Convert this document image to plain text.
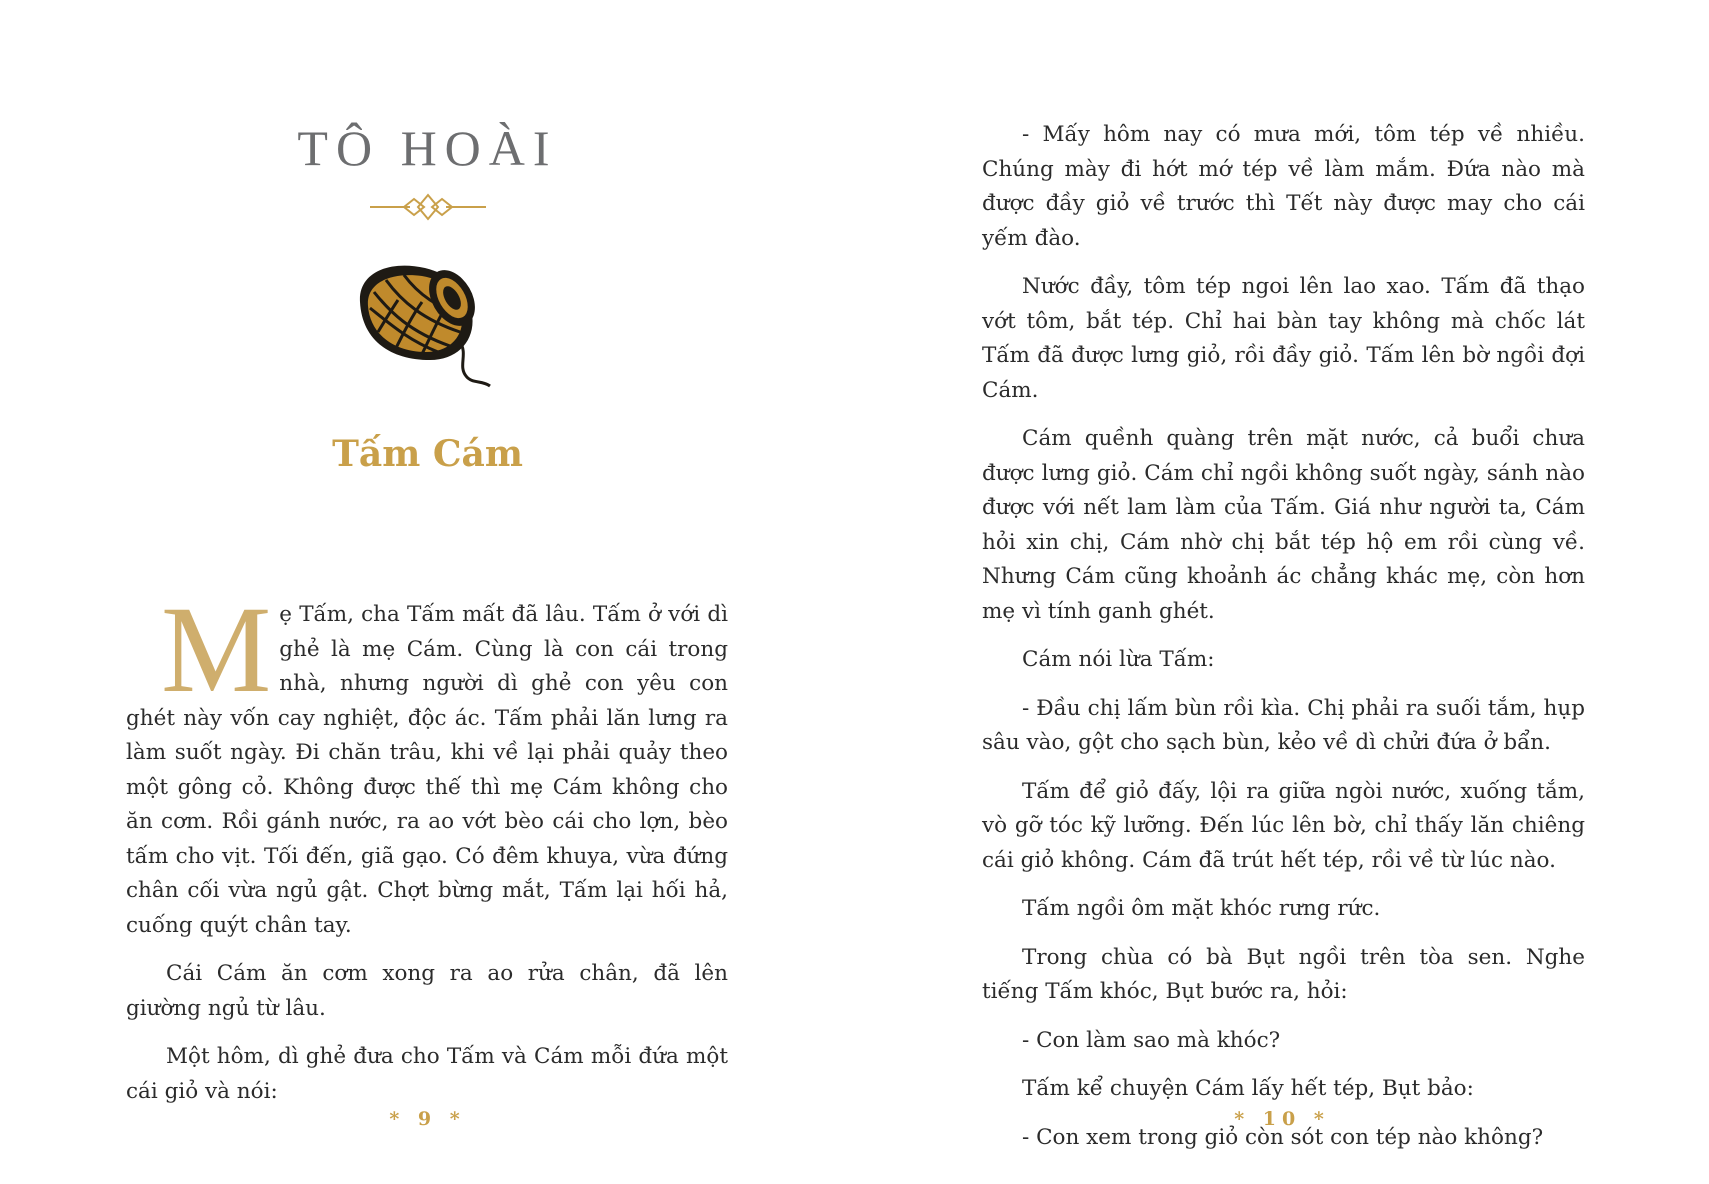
TÔ HOÀI
Tấm Cám

Mẹ Tấm, cha Tấm mất đã lâu. Tấm ở với dì ghẻ là mẹ Cám. Cùng là con cái trong nhà, nhưng người dì ghẻ con yêu con ghét này vốn cay nghiệt, độc ác. Tấm phải lăn lưng ra làm suốt ngày. Đi chăn trâu, khi về lại phải quảy theo một gông cỏ. Không được thế thì mẹ Cám không cho ăn cơm. Rồi gánh nước, ra ao vớt bèo cái cho lợn, bèo tấm cho vịt. Tối đến, giã gạo. Có đêm khuya, vừa đứng chân cối vừa ngủ gật. Chợt bừng mắt, Tấm lại hối hả, cuống quýt chân tay.

Cái Cám ăn cơm xong ra ao rửa chân, đã lên giường ngủ từ lâu.

Một hôm, dì ghẻ đưa cho Tấm và Cám mỗi đứa một cái giỏ và nói:

* 9 *

- Mấy hôm nay có mưa mới, tôm tép về nhiều. Chúng mày đi hớt mớ tép về làm mắm. Đứa nào mà được đầy giỏ về trước thì Tết này được may cho cái yếm đào.

Nước đầy, tôm tép ngoi lên lao xao. Tấm đã thạo vớt tôm, bắt tép. Chỉ hai bàn tay không mà chốc lát Tấm đã được lưng giỏ, rồi đầy giỏ. Tấm lên bờ ngồi đợi Cám.

Cám quềnh quàng trên mặt nước, cả buổi chưa được lưng giỏ. Cám chỉ ngồi không suốt ngày, sánh nào được với nết lam làm của Tấm. Giá như người ta, Cám hỏi xin chị, Cám nhờ chị bắt tép hộ em rồi cùng về. Nhưng Cám cũng khoảnh ác chẳng khác mẹ, còn hơn mẹ vì tính ganh ghét.

Cám nói lừa Tấm:

- Đầu chị lấm bùn rồi kìa. Chị phải ra suối tắm, hụp sâu vào, gột cho sạch bùn, kẻo về dì chửi đứa ở bẩn.

Tấm để giỏ đấy, lội ra giữa ngòi nước, xuống tắm, vò gỡ tóc kỹ lưỡng. Đến lúc lên bờ, chỉ thấy lăn chiêng cái giỏ không. Cám đã trút hết tép, rồi về từ lúc nào.

Tấm ngồi ôm mặt khóc rưng rức.

Trong chùa có bà Bụt ngồi trên tòa sen. Nghe tiếng Tấm khóc, Bụt bước ra, hỏi:

- Con làm sao mà khóc?

Tấm kể chuyện Cám lấy hết tép, Bụt bảo:

- Con xem trong giỏ còn sót con tép nào không?

* 10 *
